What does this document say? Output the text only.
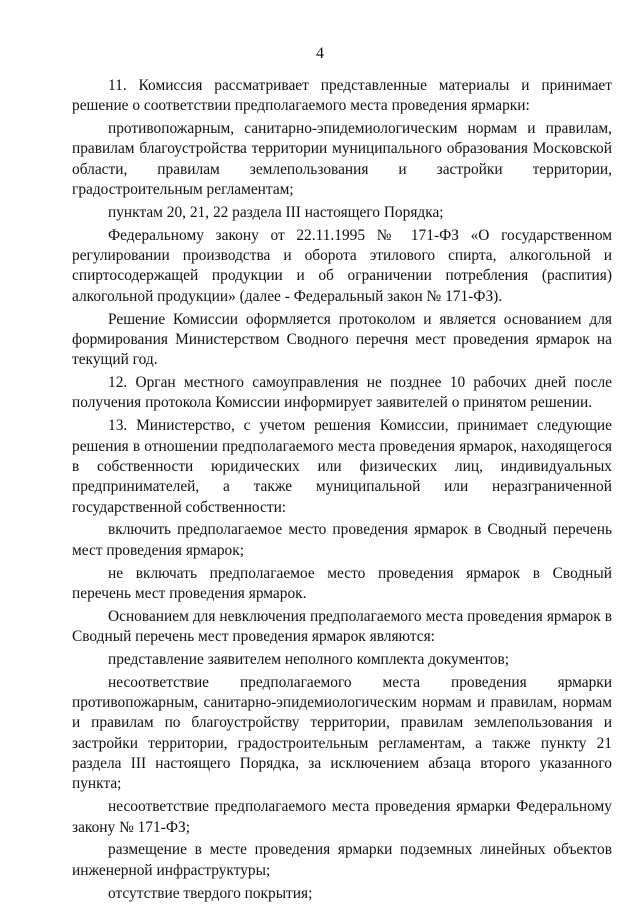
4

11. Комиссия рассматривает представленные материалы и принимает решение о соответствии предполагаемого места проведения ярмарки:

противопожарным, санитарно-эпидемиологическим нормам и правилам, правилам благоустройства территории муниципального образования Московской области, правилам землепользования и застройки территории, градостроительным регламентам;

пунктам 20, 21, 22 раздела III настоящего Порядка;

Федеральному закону от 22.11.1995 № 171-ФЗ «О государственном регулировании производства и оборота этилового спирта, алкогольной и спиртосодержащей продукции и об ограничении потребления (распития) алкогольной продукции» (далее - Федеральный закон № 171-ФЗ).

Решение Комиссии оформляется протоколом и является основанием для формирования Министерством Сводного перечня мест проведения ярмарок на текущий год.

12. Орган местного самоуправления не позднее 10 рабочих дней после получения протокола Комиссии информирует заявителей о принятом решении.

13. Министерство, с учетом решения Комиссии, принимает следующие решения в отношении предполагаемого места проведения ярмарок, находящегося в собственности юридических или физических лиц, индивидуальных предпринимателей, а также муниципальной или неразграниченной государственной собственности:

включить предполагаемое место проведения ярмарок в Сводный перечень мест проведения ярмарок;

не включать предполагаемое место проведения ярмарок в Сводный перечень мест проведения ярмарок.

Основанием для невключения предполагаемого места проведения ярмарок в Сводный перечень мест проведения ярмарок являются:

представление заявителем неполного комплекта документов;

несоответствие предполагаемого места проведения ярмарки противопожарным, санитарно-эпидемиологическим нормам и правилам, нормам и правилам по благоустройству территории, правилам землепользования и застройки территории, градостроительным регламентам, а также пункту 21 раздела III настоящего Порядка, за исключением абзаца второго указанного пункта;

несоответствие предполагаемого места проведения ярмарки Федеральному закону № 171-ФЗ;

размещение в месте проведения ярмарки подземных линейных объектов инженерной инфраструктуры;

отсутствие твердого покрытия;
